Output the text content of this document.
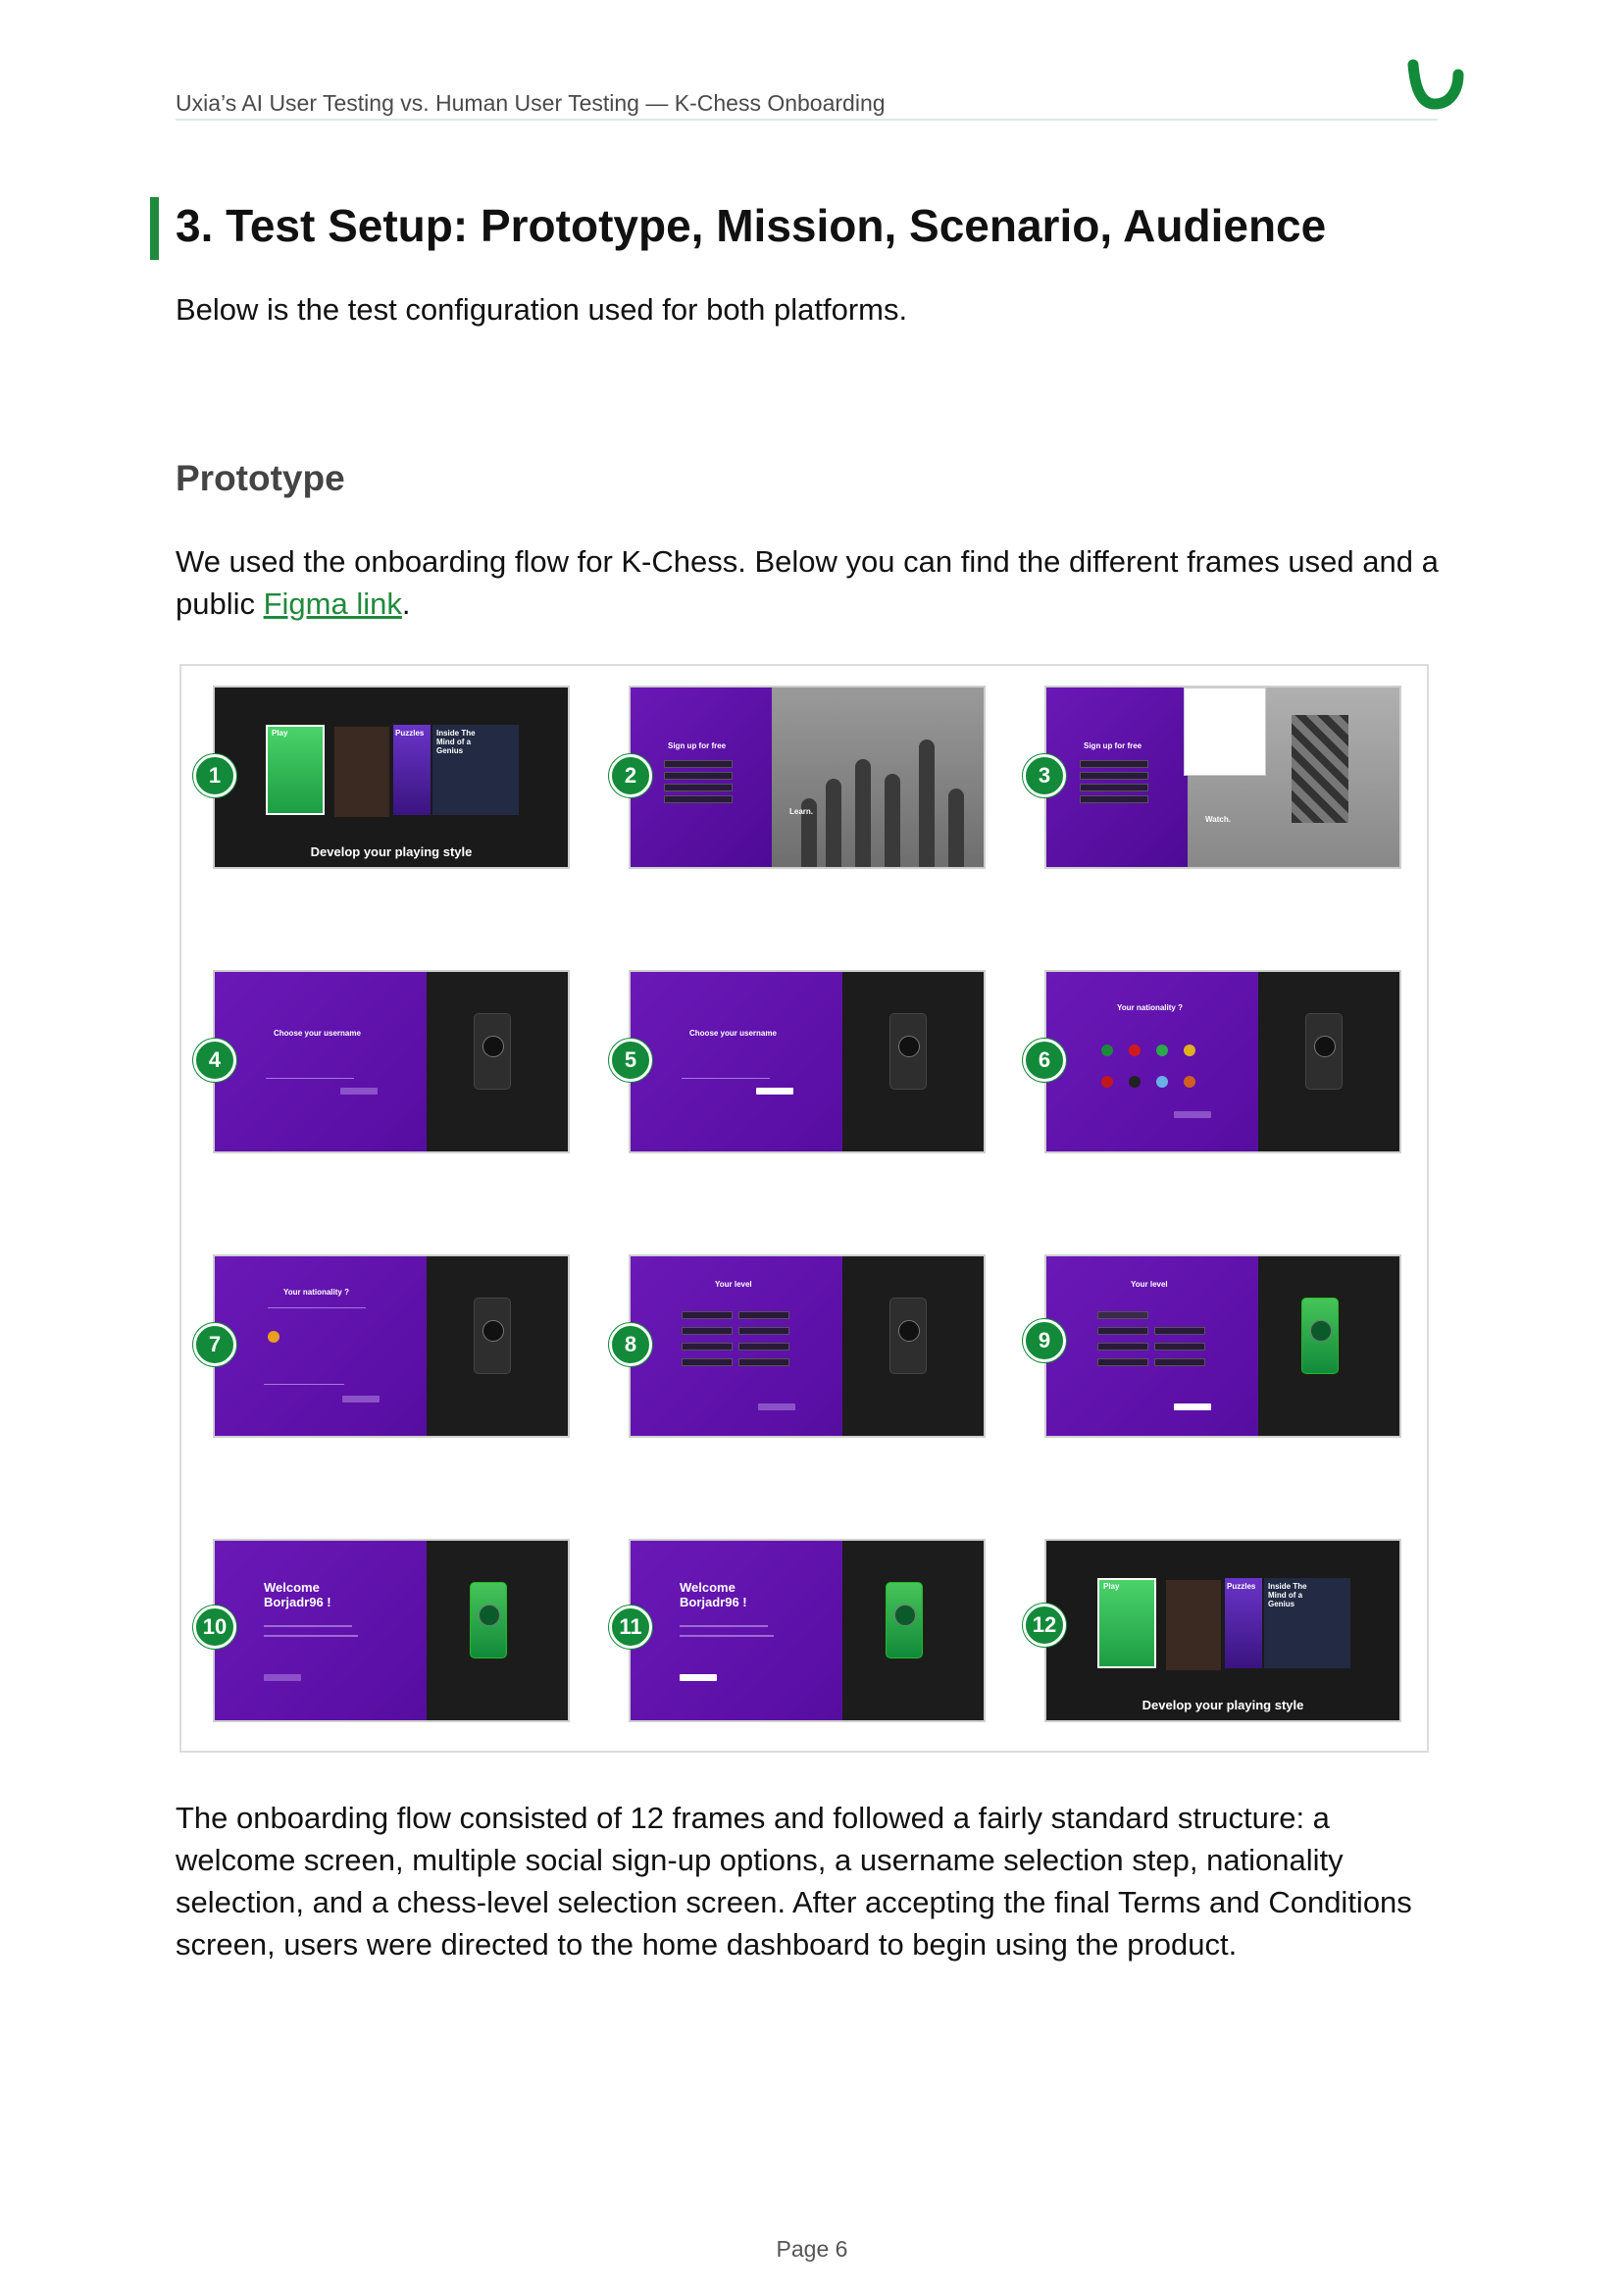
Uxia’s AI User Testing vs. Human User Testing — K-Chess Onboarding
3. Test Setup: Prototype, Mission, Scenario, Audience
Below is the test configuration used for both platforms.
Prototype
We used the onboarding flow for K-Chess. Below you can find the different frames used and a public Figma link.
Play	Puzzles Inside The Mind of a Genius
Develop your playing style
Sign up for free
Learn.
Sign up for free
Watch.
Choose your username	Choose your username
Your nationality ?
Your nationality ?
Your level	Your level
Welcome Borjadr96 !
Welcome Borjadr96 !
Play	Puzzles Inside The Mind of a Genius
Develop your playing style
1	2	3
4	5	6
7	8	9
10	11	12
The onboarding flow consisted of 12 frames and followed a fairly standard structure: a welcome screen, multiple social sign-up options, a username selection step, nationality selection, and a chess-level selection screen. After accepting the final Terms and Conditions screen, users were directed to the home dashboard to begin using the product.
Page 6
